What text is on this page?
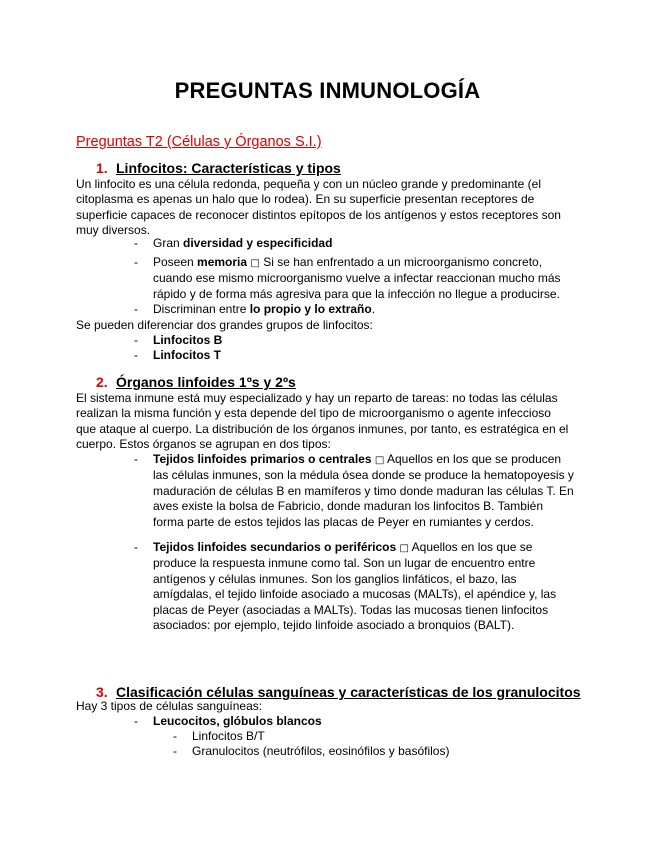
PREGUNTAS INMUNOLOGÍA
Preguntas T2 (Células y Órganos S.I.)
1. Linfocitos: Características y tipos
Un linfocito es una célula redonda, pequeña y con un núcleo grande y predominante (el citoplasma es apenas un halo que lo rodea). En su superficie presentan receptores de superficie capaces de reconocer distintos epítopos de los antígenos y estos receptores son muy diversos.
- Gran diversidad y especificidad
- Poseen memoria □ Si se han enfrentado a un microorganismo concreto, cuando ese mismo microorganismo vuelve a infectar reaccionan mucho más rápido y de forma más agresiva para que la infección no llegue a producirse.
- Discriminan entre lo propio y lo extraño.
Se pueden diferenciar dos grandes grupos de linfocitos:
- Linfocitos B
- Linfocitos T
2. Órganos linfoides 1ºs y 2ºs
El sistema inmune está muy especializado y hay un reparto de tareas: no todas las células realizan la misma función y esta depende del tipo de microorganismo o agente infeccioso que ataque al cuerpo. La distribución de los órganos inmunes, por tanto, es estratégica en el cuerpo. Estos órganos se agrupan en dos tipos:
- Tejidos linfoides primarios o centrales □ Aquellos en los que se producen las células inmunes, son la médula ósea donde se produce la hematopoyesis y maduración de células B en mamíferos y timo donde maduran las células T. En aves existe la bolsa de Fabricio, donde maduran los linfocitos B. También forma parte de estos tejidos las placas de Peyer en rumiantes y cerdos.
- Tejidos linfoides secundarios o periféricos □ Aquellos en los que se produce la respuesta inmune como tal. Son un lugar de encuentro entre antígenos y células inmunes. Son los ganglios linfáticos, el bazo, las amígdalas, el tejido linfoide asociado a mucosas (MALTs), el apéndice y, las placas de Peyer (asociadas a MALTs). Todas las mucosas tienen linfocitos asociados: por ejemplo, tejido linfoide asociado a bronquios (BALT).
3. Clasificación células sanguíneas y características de los granulocitos
Hay 3 tipos de células sanguíneas:
- Leucocitos, glóbulos blancos
- Linfocitos B/T
- Granulocitos (neutrófilos, eosinófilos y basófilos)
